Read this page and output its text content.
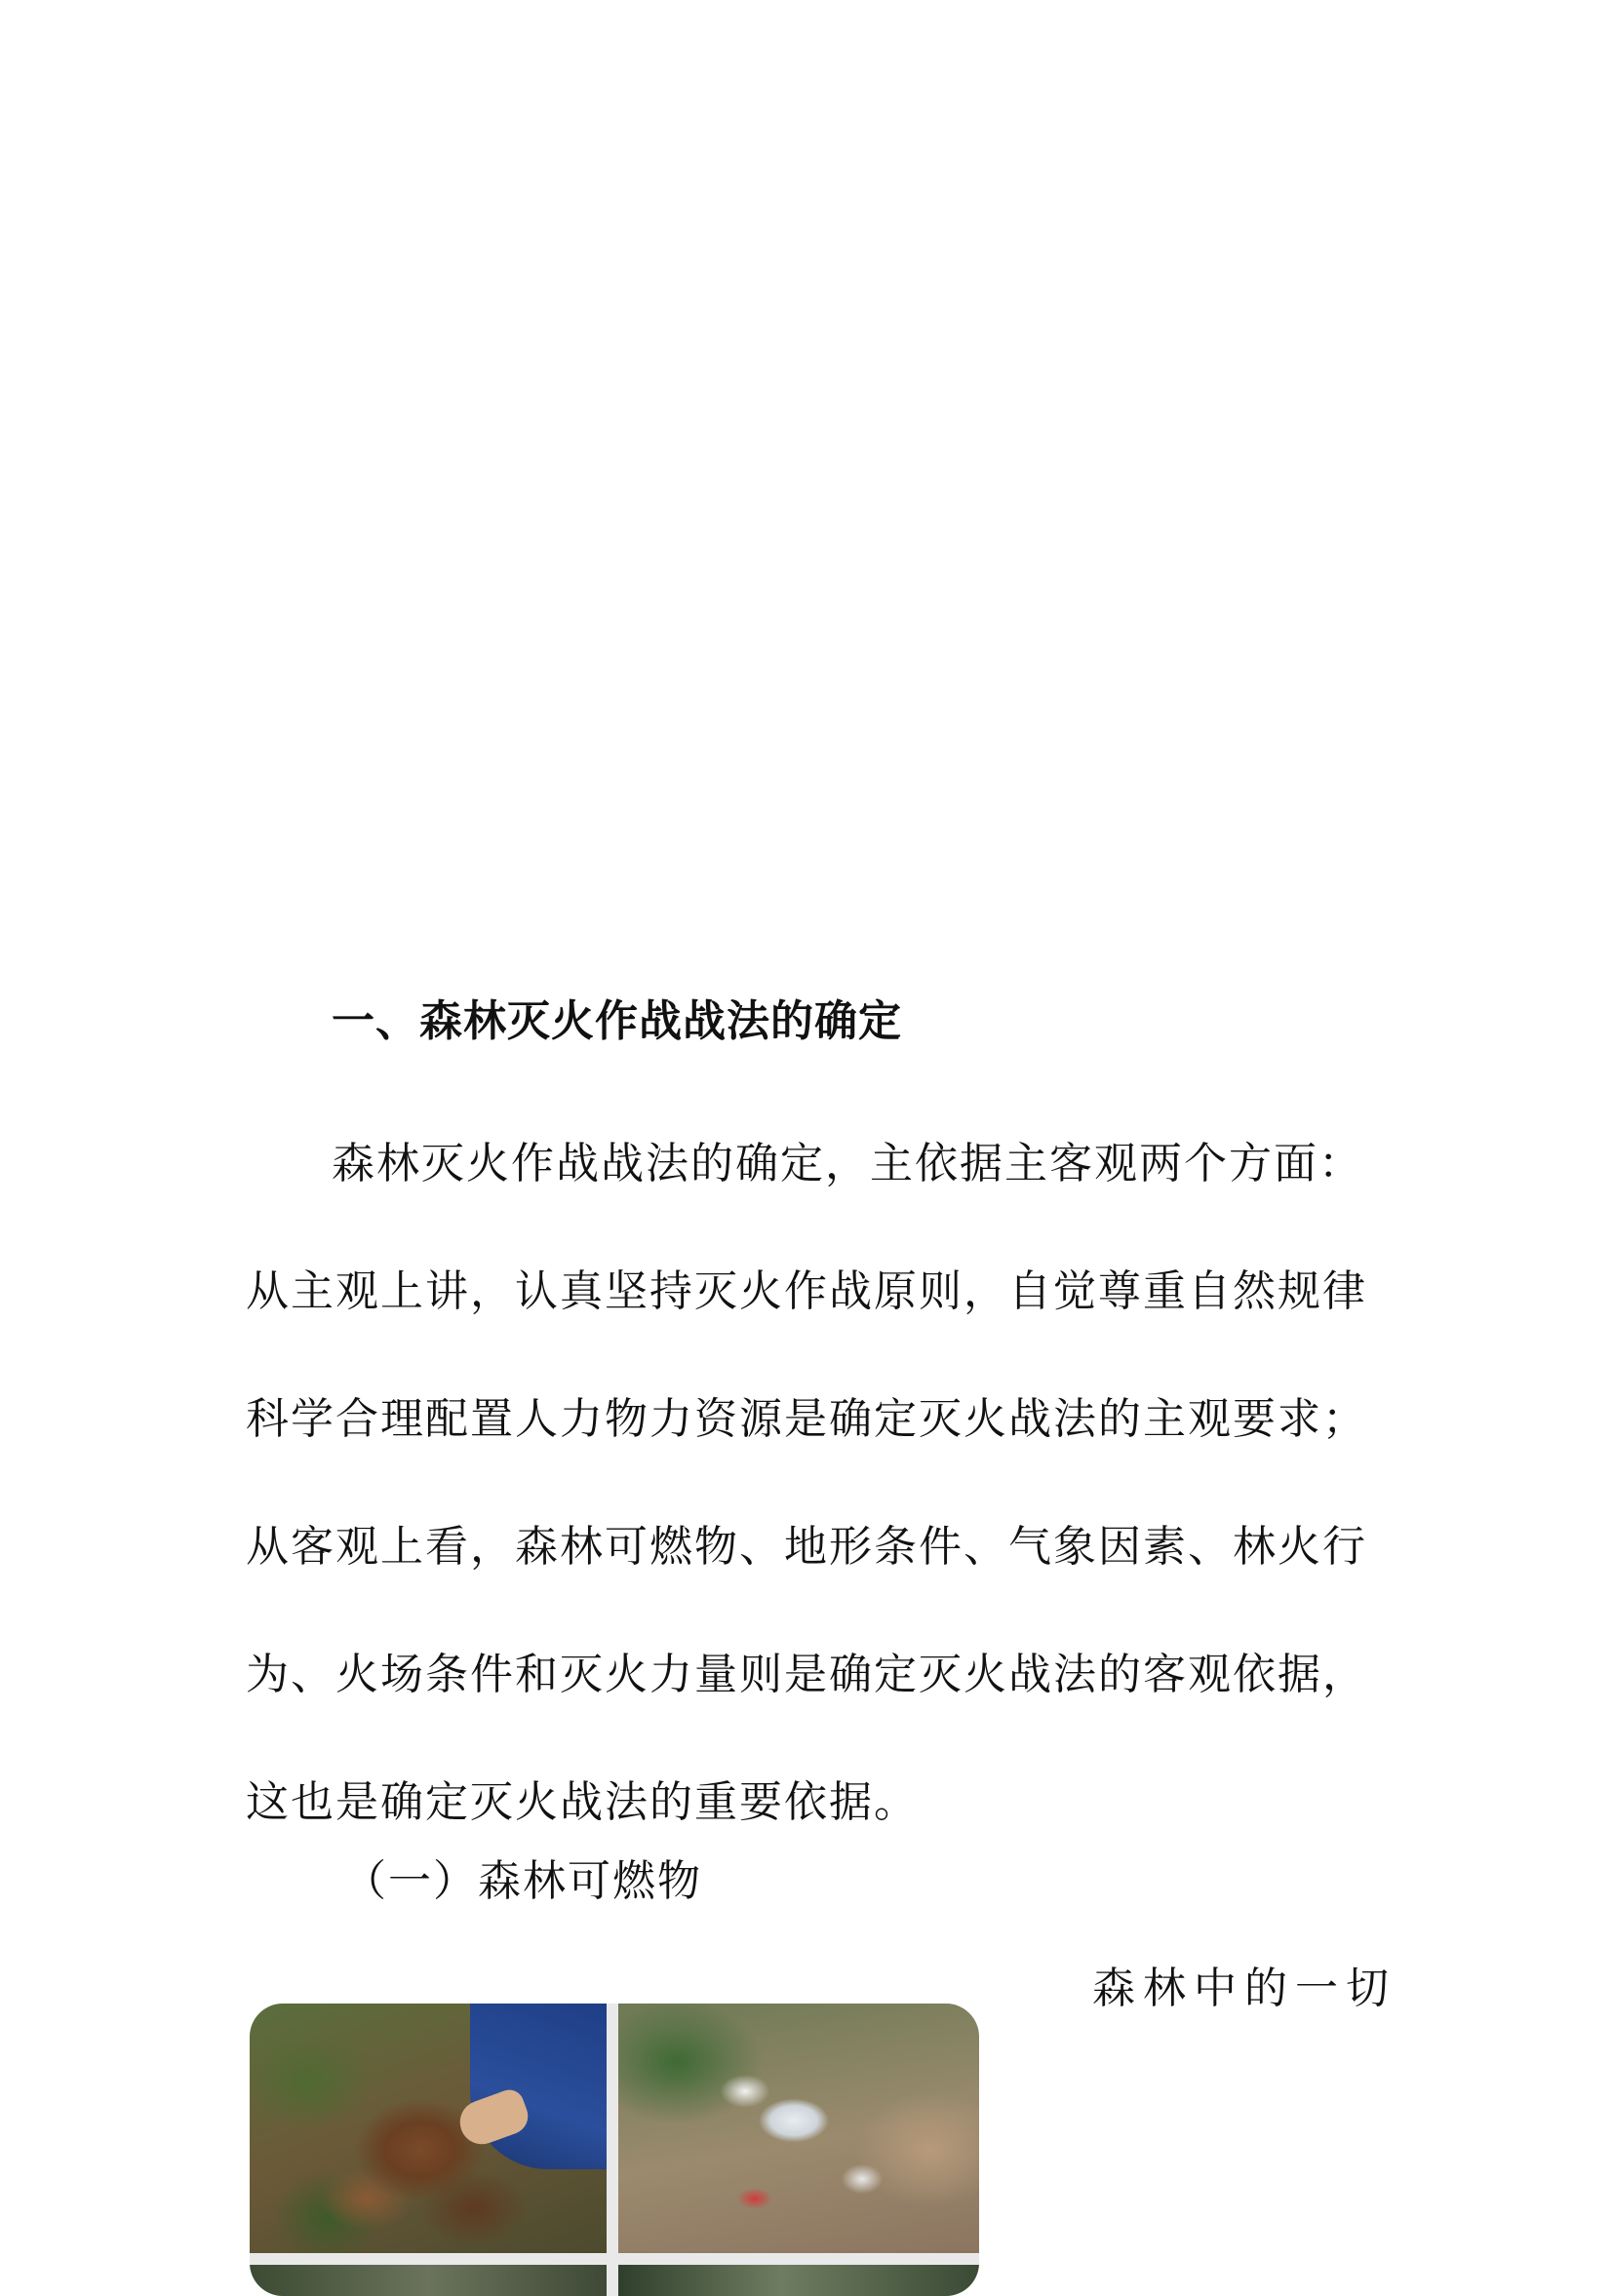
一、森林灭火作战战法的确定
森林灭火作战战法的确定，主依据主客观两个方面：
从主观上讲，认真坚持灭火作战原则，自觉尊重自然规律
科学合理配置人力物力资源是确定灭火战法的主观要求；
从客观上看，森林可燃物、地形条件、气象因素、林火行
为、火场条件和灭火力量则是确定灭火战法的客观依据，
这也是确定灭火战法的重要依据。
（一）森林可燃物
森林中的一切
